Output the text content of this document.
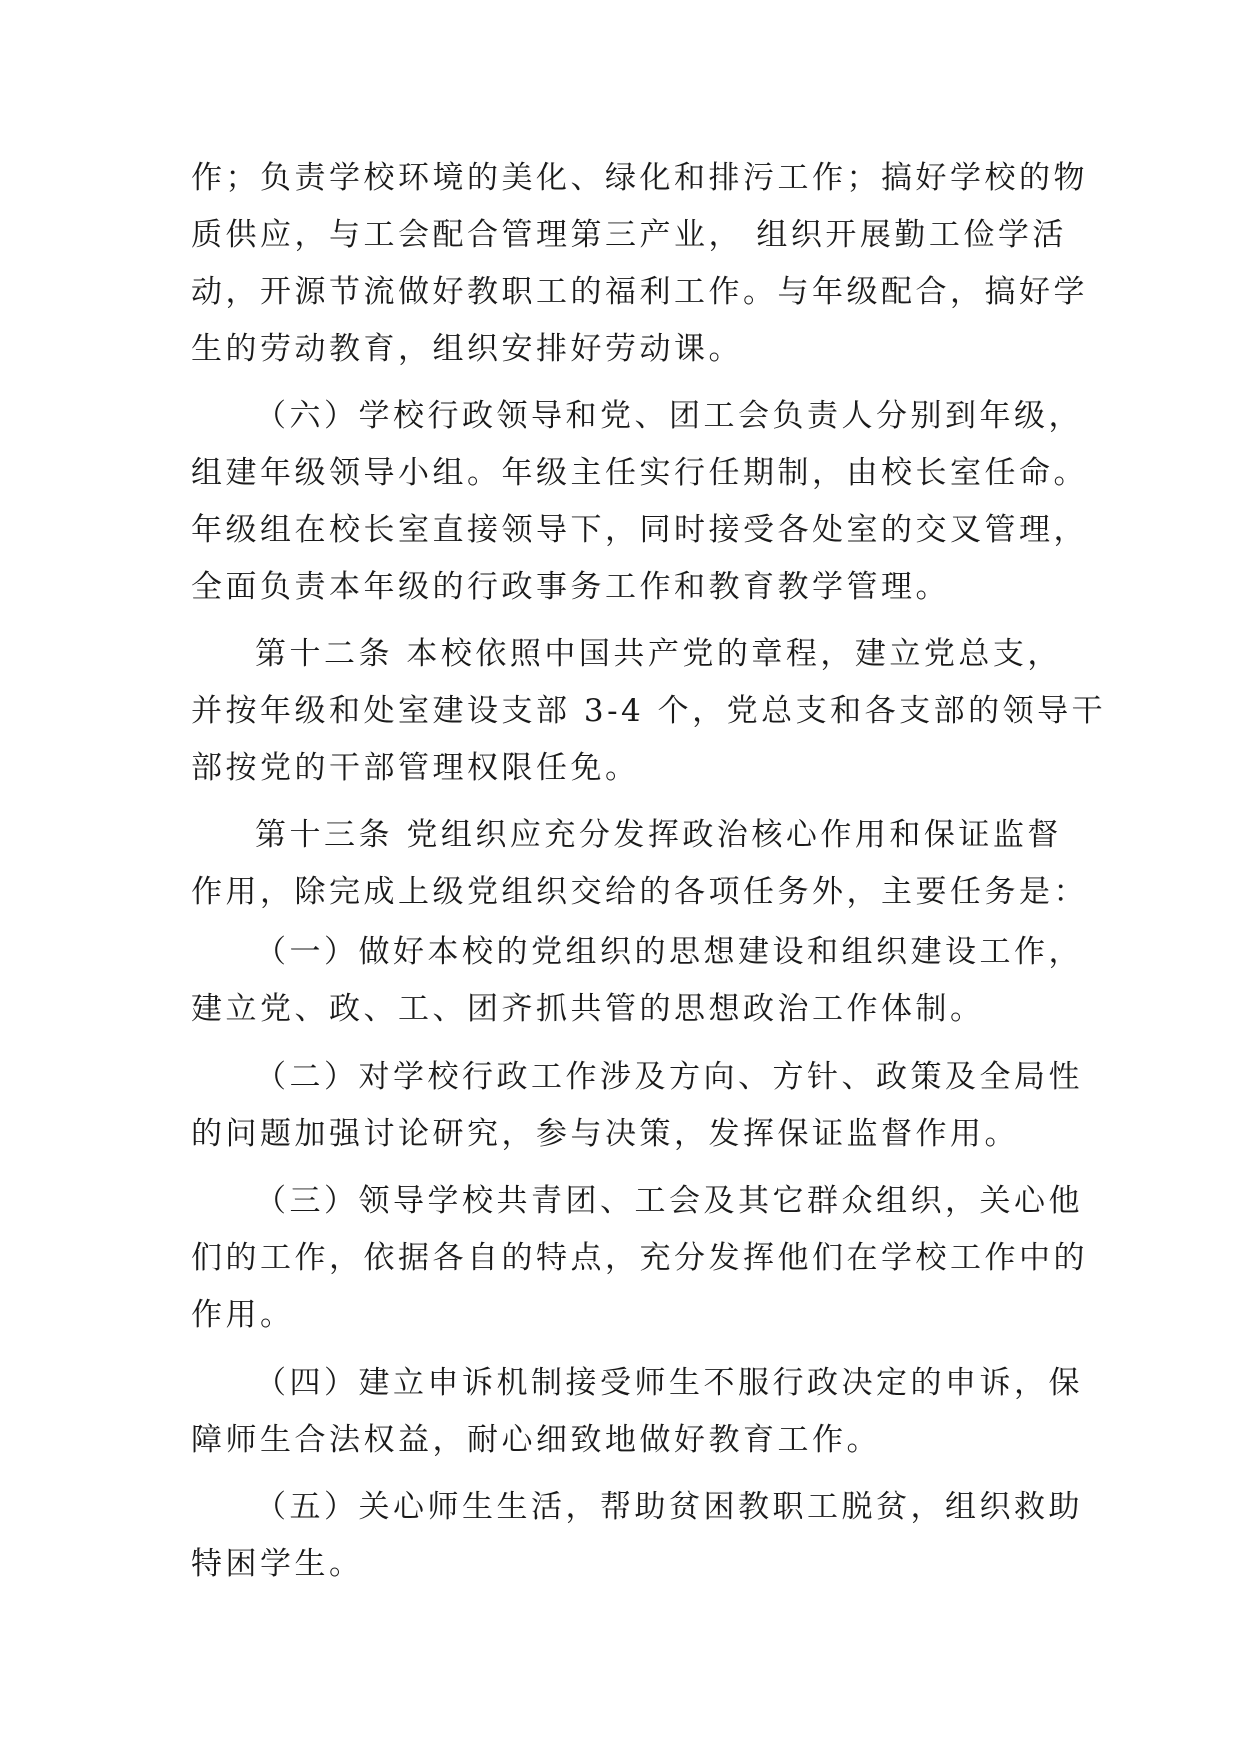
作；负责学校环境的美化、绿化和排污工作；搞好学校的物
质供应，与工会配合管理第三产业， 组织开展勤工俭学活
动，开源节流做好教职工的福利工作。与年级配合，搞好学
生的劳动教育，组织安排好劳动课。
（六）学校行政领导和党、团工会负责人分别到年级，
组建年级领导小组。年级主任实行任期制，由校长室任命。
年级组在校长室直接领导下，同时接受各处室的交叉管理，
全面负责本年级的行政事务工作和教育教学管理。
第十二条 本校依照中国共产党的章程，建立党总支，
并按年级和处室建设支部 3-4 个，党总支和各支部的领导干
部按党的干部管理权限任免。
第十三条 党组织应充分发挥政治核心作用和保证监督
作用，除完成上级党组织交给的各项任务外，主要任务是：
（一）做好本校的党组织的思想建设和组织建设工作，
建立党、政、工、团齐抓共管的思想政治工作体制。
（二）对学校行政工作涉及方向、方针、政策及全局性
的问题加强讨论研究，参与决策，发挥保证监督作用。
（三）领导学校共青团、工会及其它群众组织，关心他
们的工作，依据各自的特点，充分发挥他们在学校工作中的
作用。
（四）建立申诉机制接受师生不服行政决定的申诉，保
障师生合法权益，耐心细致地做好教育工作。
（五）关心师生生活，帮助贫困教职工脱贫，组织救助
特困学生。
